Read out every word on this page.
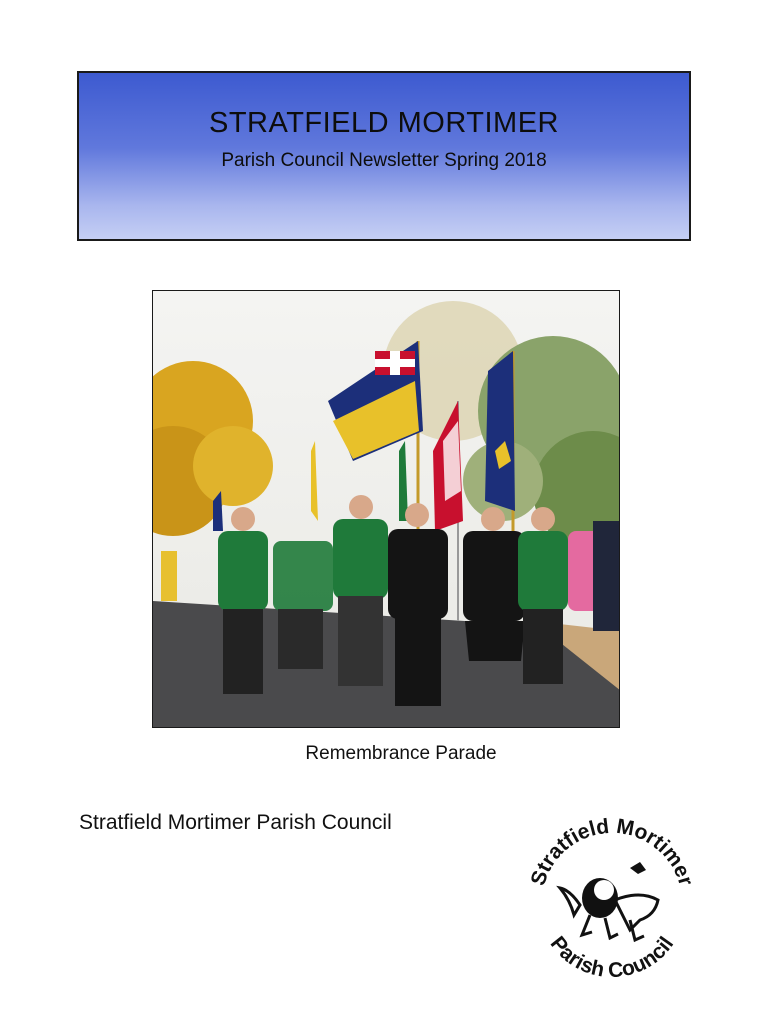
STRATFIELD MORTIMER
Parish Council Newsletter Spring 2018
Remembrance Parade
Stratfield Mortimer Parish Council
Stratfield Mortimer
Parish Council
